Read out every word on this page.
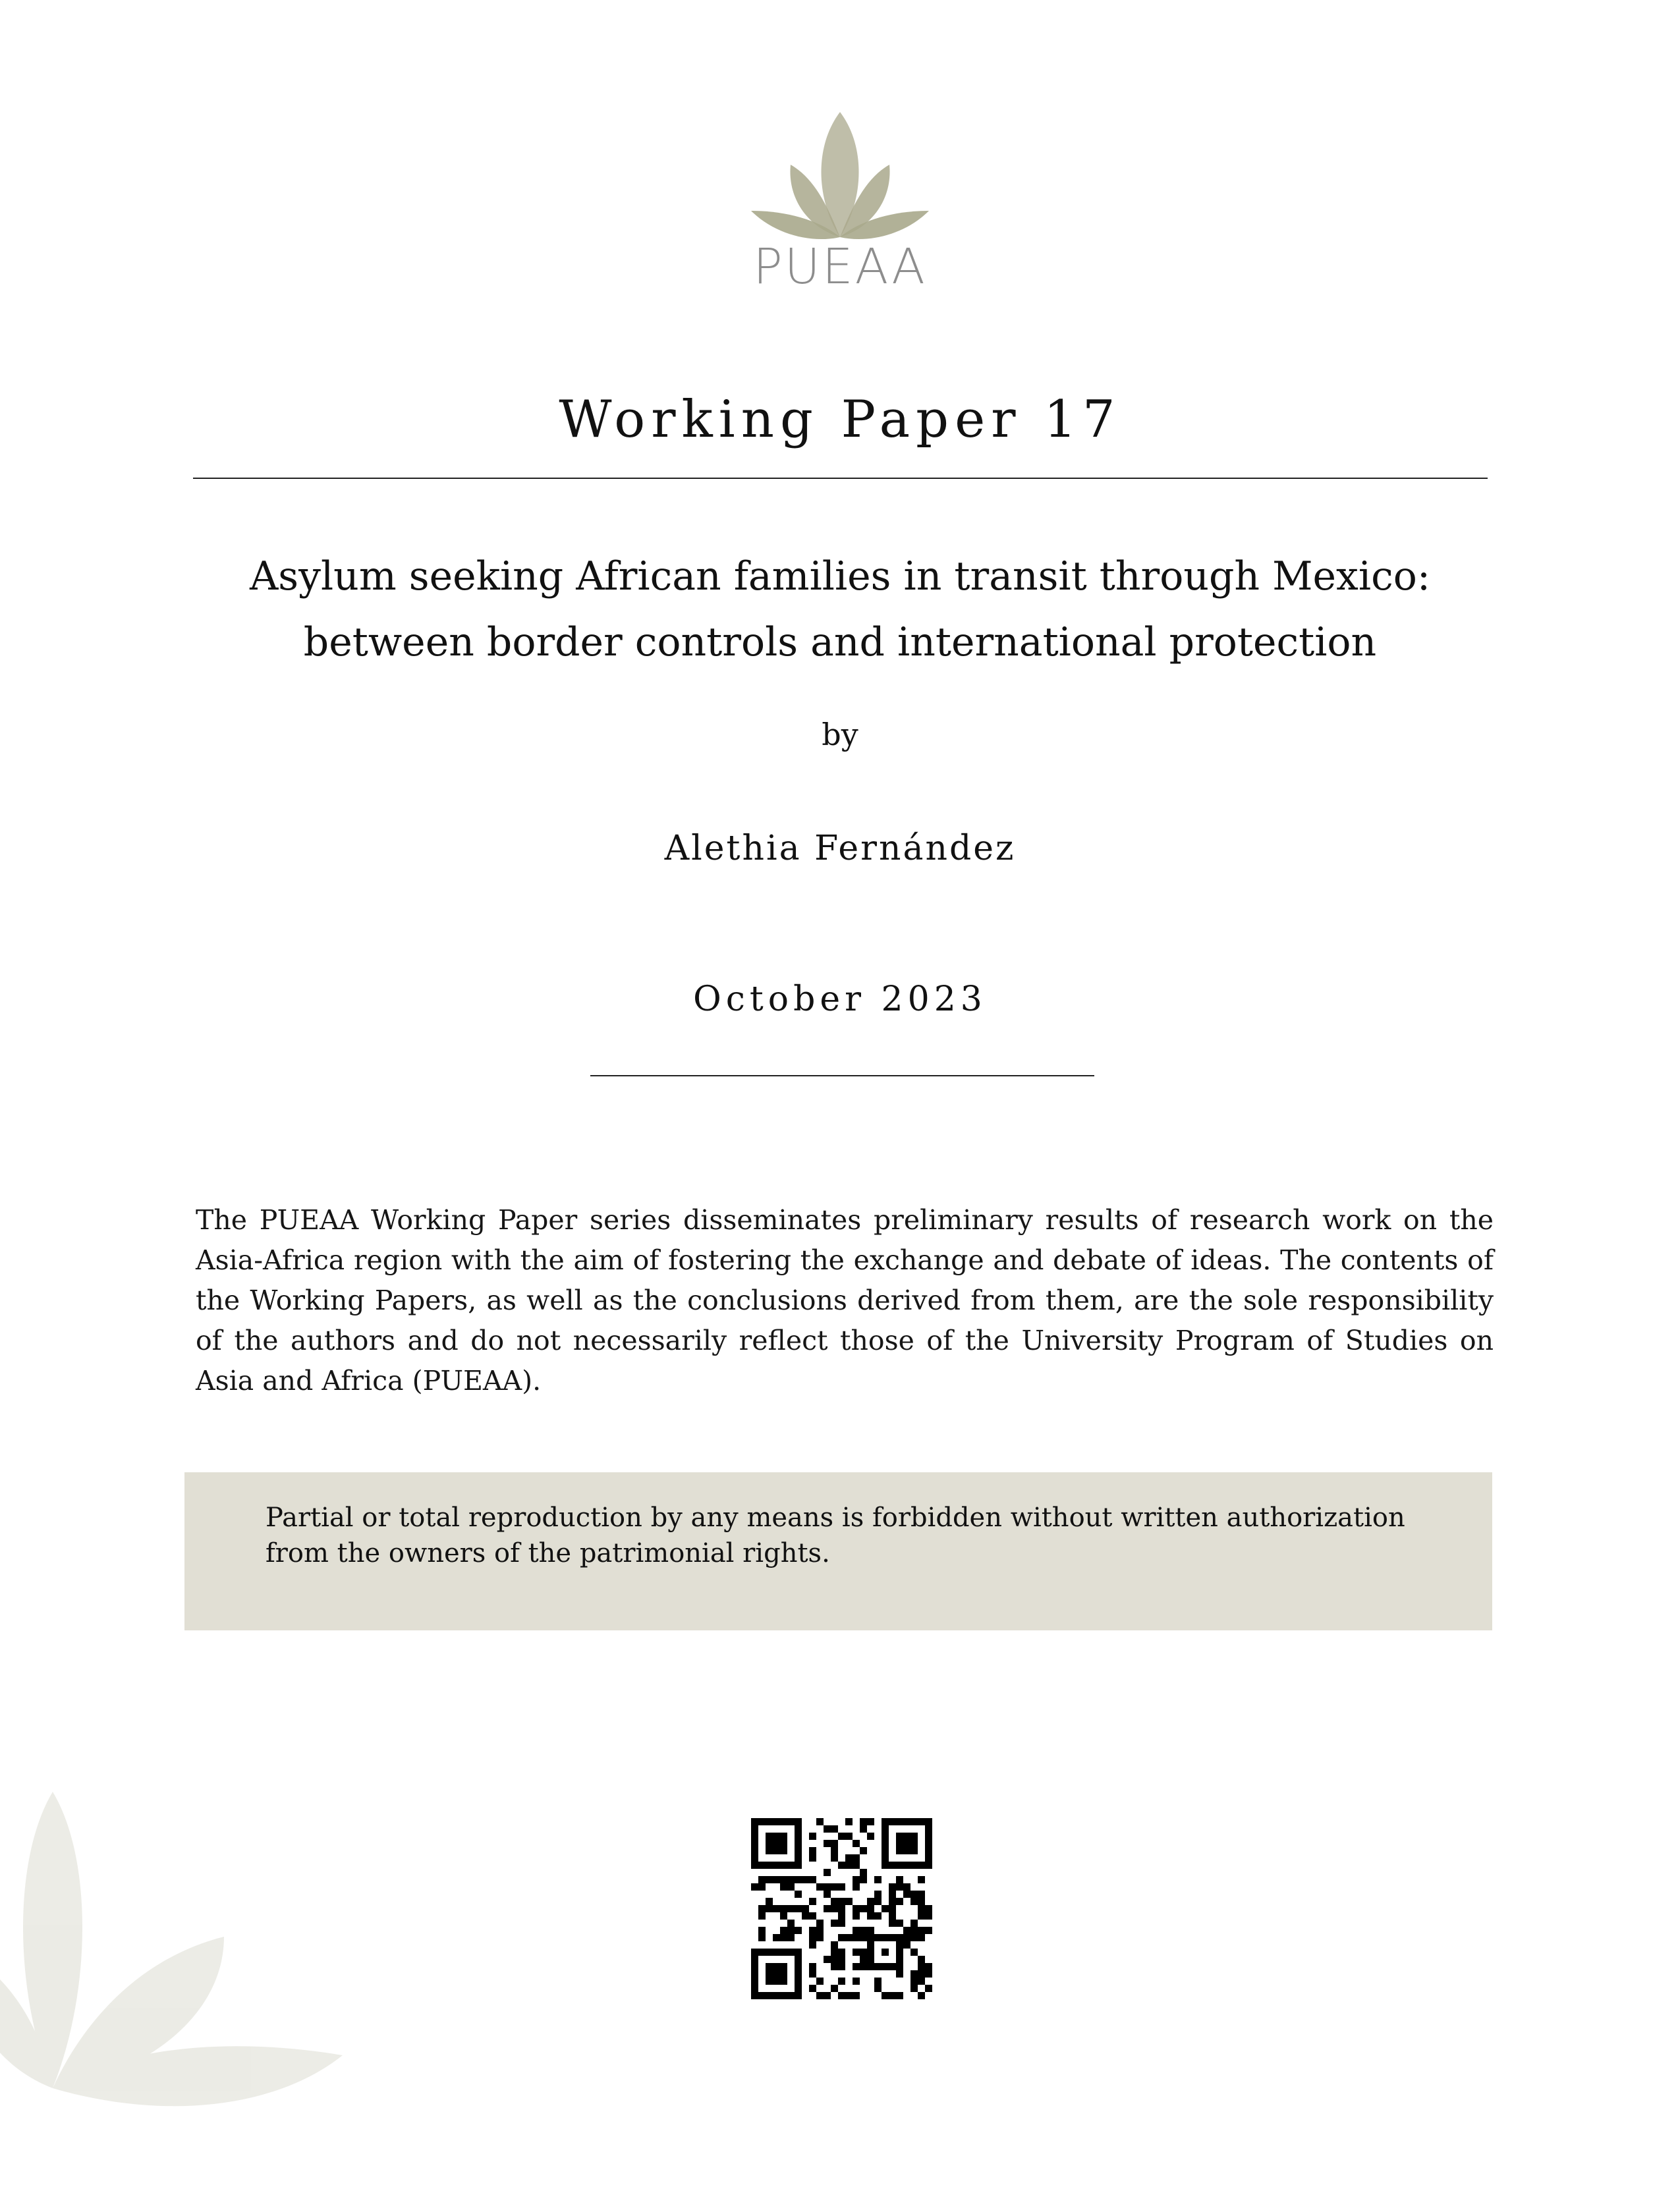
PUEAA
Working Paper 17
Asylum seeking African families in transit through Mexico:
between border controls and international protection
by
Alethia Fernández
October 2023
The PUEAA Working Paper series disseminates preliminary results of research work on the Asia-Africa region with the aim of fostering the exchange and debate of ideas. The contents of the Working Papers, as well as the conclusions derived from them, are the sole responsibility of the authors and do not necessarily reflect those of the University Program of Studies on Asia and Africa (PUEAA).
Partial or total reproduction by any means is forbidden without written authorization from the owners of the patrimonial rights.
